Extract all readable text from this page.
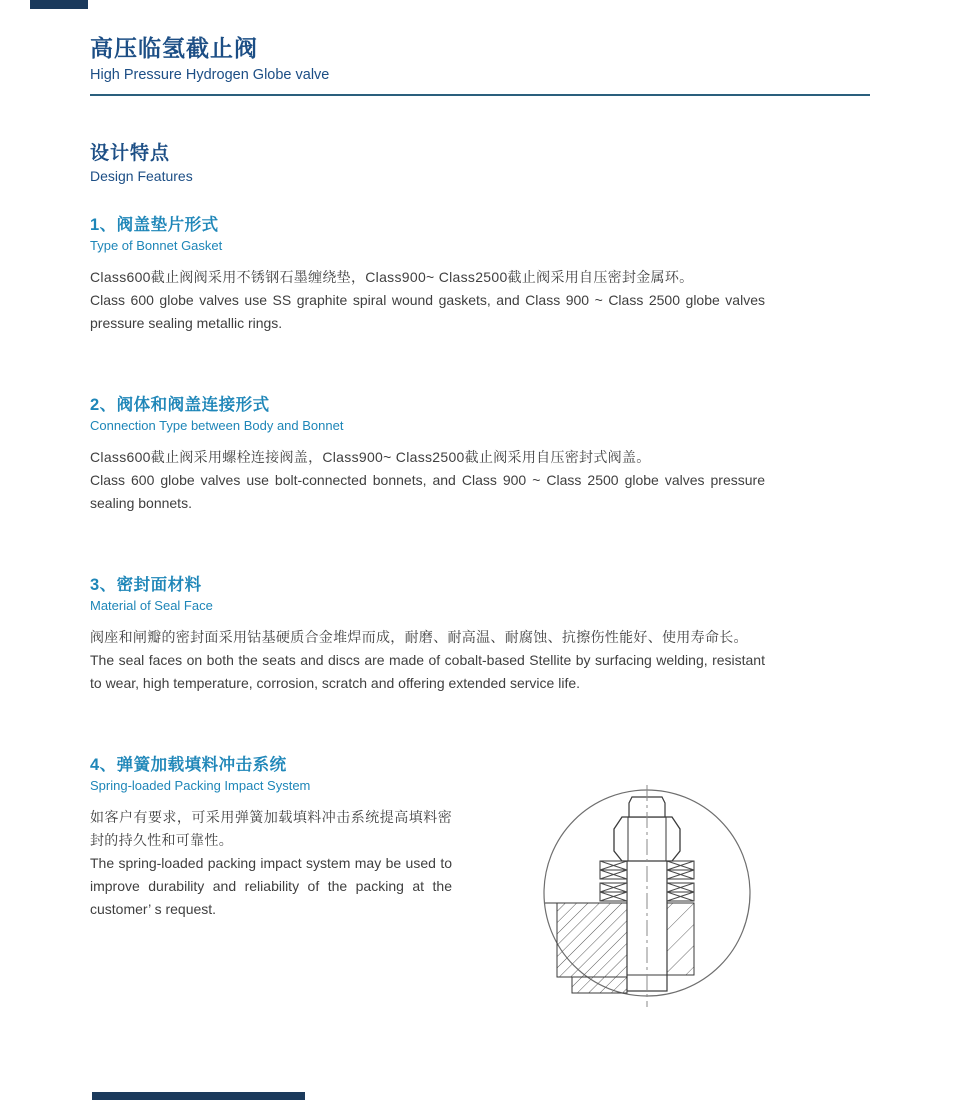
高压临氢截止阀
High Pressure Hydrogen Globe valve
设计特点
Design Features
1、阀盖垫片形式
Type of Bonnet Gasket

Class600截止阀阀采用不锈钢石墨缠绕垫，Class900~ Class2500截止阀采用自压密封金属环。

Class 600 globe valves use SS graphite spiral wound gaskets, and Class 900 ~ Class 2500 globe valves pressure sealing metallic rings.

2、阀体和阀盖连接形式
Connection Type between Body and Bonnet

Class600截止阀采用螺栓连接阀盖，Class900~ Class2500截止阀采用自压密封式阀盖。

Class 600 globe valves use bolt-connected bonnets, and Class 900 ~ Class 2500 globe valves pressure sealing bonnets.

3、密封面材料
Material of Seal Face

阀座和闸瓣的密封面采用钴基硬质合金堆焊而成，耐磨、耐高温、耐腐蚀、抗擦伤性能好、使用寿命长。

The seal faces on both the seats and discs are made of cobalt-based Stellite by surfacing welding, resistant to wear, high temperature, corrosion, scratch and offering extended service life.

4、弹簧加载填料冲击系统
Spring-loaded Packing Impact System

如客户有要求，可采用弹簧加载填料冲击系统提高填料密封的持久性和可靠性。

The spring-loaded packing impact system may be used to improve durability and reliability of the packing at the customer’ s request.
